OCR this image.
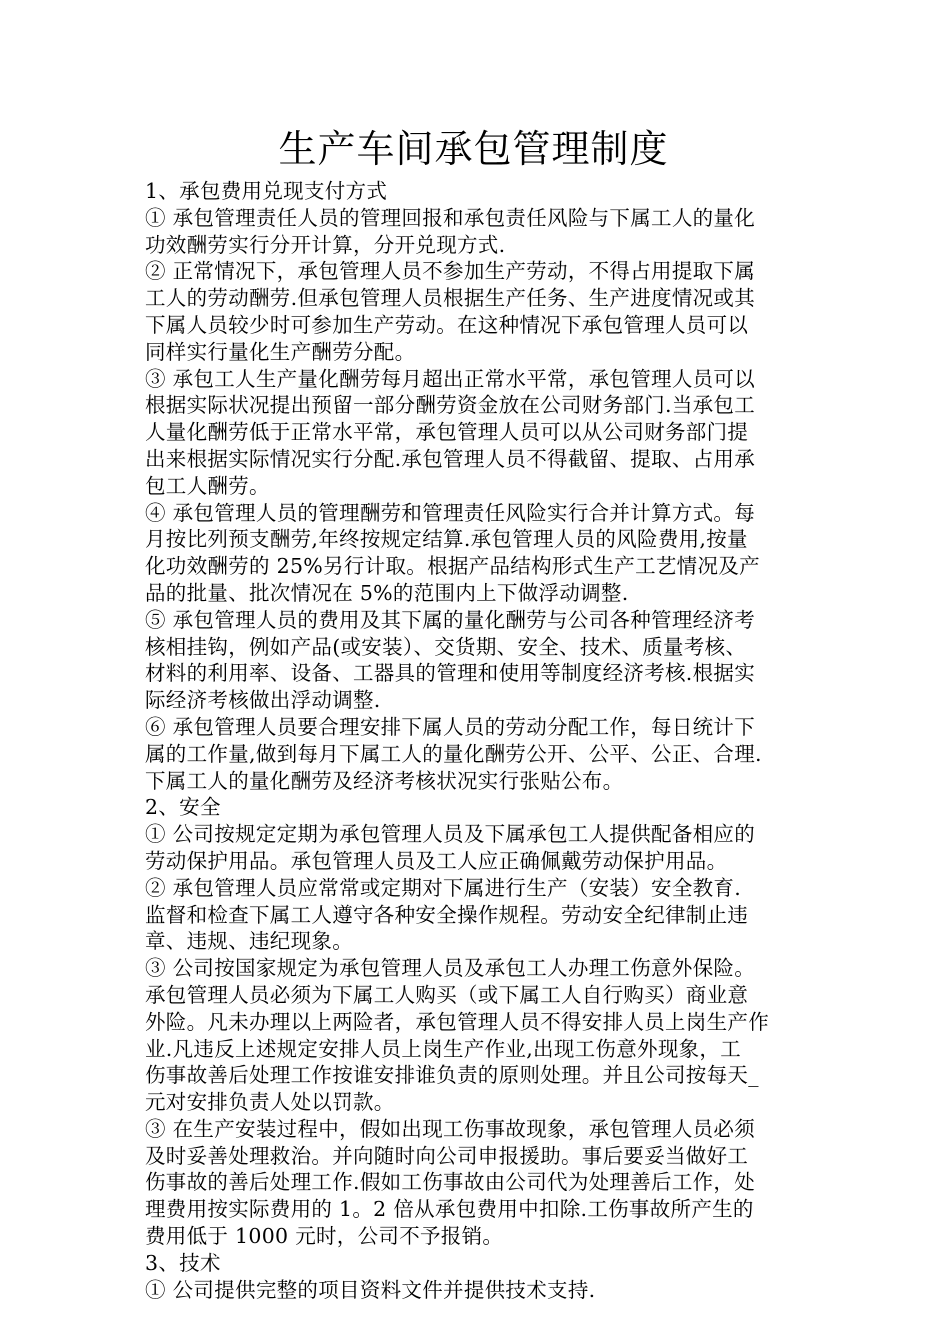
生产车间承包管理制度
1、承包费用兑现支付方式
① 承包管理责任人员的管理回报和承包责任风险与下属工人的量化
功效酬劳实行分开计算，分开兑现方式.
② 正常情况下，承包管理人员不参加生产劳动，不得占用提取下属
工人的劳动酬劳.但承包管理人员根据生产任务、生产进度情况或其
下属人员较少时可参加生产劳动。在这种情况下承包管理人员可以
同样实行量化生产酬劳分配。
③ 承包工人生产量化酬劳每月超出正常水平常，承包管理人员可以
根据实际状况提出预留一部分酬劳资金放在公司财务部门.当承包工
人量化酬劳低于正常水平常，承包管理人员可以从公司财务部门提
出来根据实际情况实行分配.承包管理人员不得截留、提取、占用承
包工人酬劳。
④ 承包管理人员的管理酬劳和管理责任风险实行合并计算方式。每
月按比列预支酬劳,年终按规定结算.承包管理人员的风险费用,按量
化功效酬劳的 25%另行计取。根据产品结构形式生产工艺情况及产
品的批量、批次情况在 5%的范围内上下做浮动调整.
⑤ 承包管理人员的费用及其下属的量化酬劳与公司各种管理经济考
核相挂钩，例如产品(或安装）、交货期、安全、技术、质量考核、
材料的利用率、设备、工器具的管理和使用等制度经济考核.根据实
际经济考核做出浮动调整.
⑥ 承包管理人员要合理安排下属人员的劳动分配工作，每日统计下
属的工作量,做到每月下属工人的量化酬劳公开、公平、公正、合理.
下属工人的量化酬劳及经济考核状况实行张贴公布。
2、安全
① 公司按规定定期为承包管理人员及下属承包工人提供配备相应的
劳动保护用品。承包管理人员及工人应正确佩戴劳动保护用品。
② 承包管理人员应常常或定期对下属进行生产（安装）安全教育.
监督和检查下属工人遵守各种安全操作规程。劳动安全纪律制止违
章、违规、违纪现象。
③ 公司按国家规定为承包管理人员及承包工人办理工伤意外保险。
承包管理人员必须为下属工人购买（或下属工人自行购买）商业意
外险。凡未办理以上两险者，承包管理人员不得安排人员上岗生产作
业.凡违反上述规定安排人员上岗生产作业,出现工伤意外现象，工
伤事故善后处理工作按谁安排谁负责的原则处理。并且公司按每天_
元对安排负责人处以罚款。
③ 在生产安装过程中，假如出现工伤事故现象，承包管理人员必须
及时妥善处理救治。并向随时向公司申报援助。事后要妥当做好工
伤事故的善后处理工作.假如工伤事故由公司代为处理善后工作，处
理费用按实际费用的 1。2 倍从承包费用中扣除.工伤事故所产生的
费用低于 1000 元时，公司不予报销。
3、技术
① 公司提供完整的项目资料文件并提供技术支持.
